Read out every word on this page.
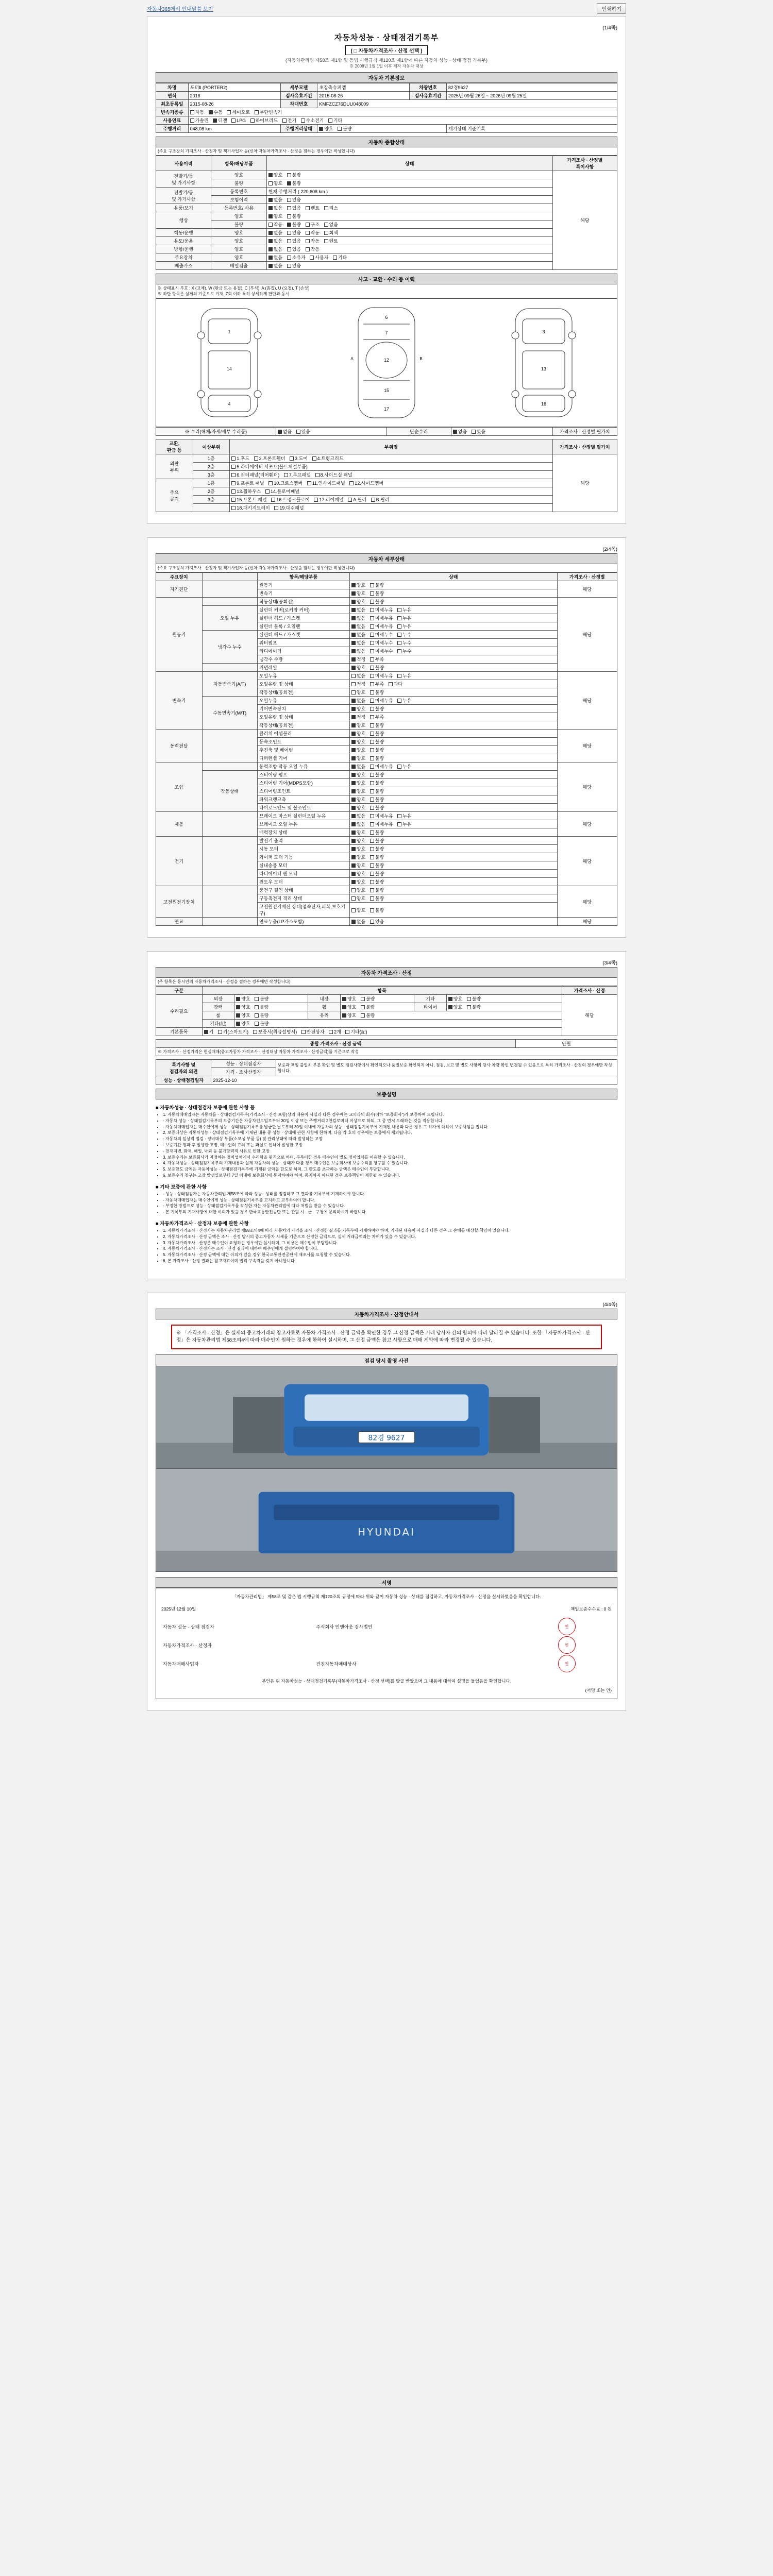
자동차365에서 안내말씀 보기	인쇄하기
(1/4쪽)
자동차성능 · 상태점검기록부
( □ 자동차가격조사 · 산정 선택 )
(자동차관리법 제58조 제1항 및 동법 시행규칙 제120조 제1항에 따른 자동차 성능 · 상태 점검 기록부)
※ 2008년 1월 1일 이후 제작 자동차 대상
자동차 기본정보
차명	포터Ⅱ (PORTER2)	세부모델	초장축슈퍼캡	차량번호	82경9627
연식	2016	검사유효기간	2015-08-26	검사유효기간	2025년 09월 26일 ~ 2026년 09월 25일
최초등록일	2015-08-26	차대번호	KMFZCZ76DUU048009		
변속기종류	자동 수동 세미오토 무단변속기				
사용연료	가솔린 디젤 LPG 하이브리드 전기 수소전기 기타				
주행거리	048,08 km	주행거리상태	양호 불량		계기상태 기준기록
자동차 종합상태
(주요 구조장치 가져조사 · 산정자 및 책기사업자 등(신차 자동차가격조사 · 산정을 점하는 경우에만 작성합니다)
사용이력	항목/해당부품	상태	가격조사 · 산정별
특이사항
전발기/등
및 가기사항	양호	양호 불량	해당
	불량	양호 불량	
전발기/등
및 가기사항	등록번호	현재 주행거리 ( 220,608 km )	
	보험이력	없음 있음	
용품/보기	등록번호/ 사용	없음 있음 렌트 리스	
행상	양호	양호 불량	
	불량	작동 불량 구조 없음	
핵동/운행	양호	없음 있음 작동 회색	
용도/운용	양호	없음 있음 작동 렌트	
방향/운행	양호	없음 있음 작동	
주요장치	양호	없음 소유자 사용자 기타	
배출가스	배열검출	없음 있음	
사고 · 교환 · 수리 등 이력
※ 상태표시 부호 : X (교체), W (판금 또는 용접), C (부식), A (흠집), U (요철), T (손상)
※ 하단 항목은 실제의 기준으로 기재, 7회 이하 특히 상세하게 판단과 동시
1
14
4
6
7
12
15
17
A	B
3
13
16
※ 수리(해체/자세/세부 수리등)	없음 있음	단순수리	없음 있음	가격조사 · 산정별 필가치
교환,
판금 등	이상부위	부위명	가격조사 · 산정별 필가치
외판
부위	1층	1.후드 2.프론트휀더 3.도어 4.트렁크리드	해당
	2층	5.라디에이터 서포트(볼트체결부품)	
	3층	6.쿼터패널(리어휀더) 7.루프패널 8.사이드실 패널	
주요
골격	1층	9.프론트 패널 10.크로스멤버 11.인사이드패널 12.사이드멤버	
	2층	13.휠하우스 14.플로어패널	
	3층	15.프론트 패널 16.트렁크플로어 17.리어패널 A.필러 B.필러	
		18.패키지트레이 19.대쉬패널	
(2/4쪽)
자동차 세부상태
(주요 구조장치 가져조사 · 산정자 및 책기사업자 등(신차 자동차가격조사 · 산정을 점하는 경우에만 작성합니다)
주요장치		항목/해당부품	상태	가격조사 · 산정별
자기진단		원동기	양호 불량	해당
		변속기	양호 불량	
원동기		작동상태(공회전)	양호 불량	해당
	오일 누유	실린더 커버(로커암 커버)	없음 미세누유 누유	
		실린더 헤드 / 가스켓	없음 미세누유 누유	
		실린더 블록 / 오일팬	없음 미세누유 누유	
	냉각수 누수	실린더 헤드 / 가스켓	없음 미세누수 누수	
		워터펌프	없음 미세누수 누수	
		라디에이터	없음 미세누수 누수	
		냉각수 수량	적정 부족	
		커먼레일	양호 불량	
변속기	자동변속기(A/T)	오일누유	없음 미세누유 누유	해당
		오일유량 및 상태	적정 부족 과다	
		작동상태(공회전)	양호 불량	
	수동변속기(M/T)	오일누유	없음 미세누유 누유	
		기어변속장치	양호 불량	
		오일유량 및 상태	적정 부족	
		작동상태(공회전)	양호 불량	
동력전달		클러치 어셈블리	양호 불량	해당
		등속조인트	양호 불량	
		추진축 및 베어링	양호 불량	
		디퍼렌셜 기어	양호 불량	
조향		동력조향 작동 오일 누유	없음 미세누유 누유	해당
	작동상태	스티어링 펌프	양호 불량	
		스티어링 기어(MDPS포함)	양호 불량	
		스티어링조인트	양호 불량	
		파워크랭크축	양호 불량	
		타이로드엔드 및 볼조인트	양호 불량	
제동		브레이크 마스터 실린더오일 누유	없음 미세누유 누유	해당
		브레이크 오일 누유	없음 미세누유 누유	
		배력장치 상태	양호 불량	
전기		발전기 출력	양호 불량	해당
		시동 모터	양호 불량	
		와이퍼 모터 기능	양호 불량	
		실내송풍 모터	양호 불량	
		라디에이터 팬 모터	양호 불량	
		윈도우 모터	양호 불량	
고전원전기장치		충전구 절연 상태	양호 불량	해당
		구동축전지 격리 상태	양호 불량	
		고전원전기배선 상태(접속단자,피복,보호기구)	양호 불량	
연료		연료누출(LP가스포함)	없음 있음	해당
(3/4쪽)
자동차 가격조사 · 산정
(주 항목은 동시인의 자동차가격조사 · 산정을 점하는 경우에만 작성합니다)
구분	항목						가격조사 · 산정
수리필요	외장	양호 불량	내장	양호 불량	기타	양호 불량	해당
	광택	양호 불량	휠	양호 불량	타이어	양호 불량	
	룸	양호 불량	유리	양호 불량			
	기타(記)	양호 불량					
기본품목	키 키(스마트키) 보증서(취급설명서) 안전상자 2개 기타(記)						
종합 가격조사 · 산정 금액	만원
※ 가격조사 · 산정가격은 현실매매(중고자동차 가격조사 · 산정대상 자동차 가격조사 · 산정금액)를 기준으로 작성
특기사항 및
점검자의 의견	성능 · 상태점검자	보증과 책임 불일치 부분 확인 및 별도 점검사항에서 확인되오나 품질보증 확인되지 아니, 점검, 보고 및 별도 사항의 당사 차량 확인 변경될 수 있음으로 특히 가격조사 · 산정의 경우에만 작성합니다.
	가격 · 조사산정자	
성능 · 상태점검일자	2025-12-10	
보증설명
■ 자동차성능 · 상태점검자 보증에 관한 사항 등
• 1. 자동차매매업자는 자동차를 · 상태점검기록부(가격조사 · 산정 포함)상의 내용이 사실과 다른 경우에는 교의과의 회사(이하 "보증회사")가 보증하여 드립니다.
• - 자동차 성능 · 상태점검기록부의 보증기간은 자동차인도일로부터 30일 이상 또는 주행거리 2천킬로미터 이상으로 하되, 그 중 먼저 도래하는 것을 적용합니다.
• - 자동차매매업자는 매수인에게 성능 · 상태점검기록부를 발급한 날로부터 30일 이내에 자동차의 성능 · 상태점검기록부에 기재된 내용과 다른 경우 그 하자에 대하여 보증책임을 집니다.
• 2. 보증대상은 자동차성능 · 상태점검기록부에 기재된 내용 중 성능 · 상태에 관한 사항에 한하며, 다음 각 호의 경우에는 보증에서 제외됩니다.
• - 자동차의 일상적 점검 · 정비대상 부품(소모성 부품 등) 및 관리상태에 따라 발생하는 고장
• - 보증기간 경과 후 발생한 고장, 매수인의 고의 또는 과실로 인하여 발생한 고장
• - 천재지변, 화재, 해일, 낙뢰 등 불가항력적 사유로 인한 고장
• 3. 보증수리는 보증회사가 지정하는 정비업체에서 수리함을 원칙으로 하며, 부득이한 경우 매수인이 별도 정비업체를 이용할 수 있습니다.
• 4. 자동차성능 · 상태점검기록부의 기재내용과 실제 자동차의 성능 · 상태가 다를 경우 매수인은 보증회사에 보증수리를 청구할 수 있습니다.
• 5. 보증한도 금액은 자동차성능 · 상태점검기록부에 기재된 금액을 한도로 하며, 그 한도를 초과하는 금액은 매수인이 부담합니다.
• 6. 보증수리 청구는 고장 발생일로부터 7일 이내에 보증회사에 통지하여야 하며, 통지하지 아니한 경우 보증책임이 제한될 수 있습니다.
■ 기타 보증에 관한 사항
• - 성능 · 상태점검자는 자동차관리법 제58조에 따라 성능 · 상태를 점검하고 그 결과를 기록부에 기재하여야 합니다.
• - 자동차매매업자는 매수인에게 성능 · 상태점검기록부를 고지하고 교부하여야 합니다.
• - 부정한 방법으로 성능 · 상태점검기록부를 작성한 자는 자동차관리법에 따라 처벌을 받을 수 있습니다.
• - 본 기록부의 기재사항에 대한 이의가 있을 경우 한국교통안전공단 또는 관할 시 · 군 · 구청에 문의하시기 바랍니다.
■ 자동차가격조사 · 산정자 보증에 관한 사항
• 1. 자동차가격조사 · 산정자는 자동차관리법 제58조의4에 따라 자동차의 가격을 조사 · 산정한 결과를 기록부에 기재하여야 하며, 기재된 내용이 사실과 다른 경우 그 손해를 배상할 책임이 있습니다.
• 2. 자동차가격조사 · 산정 금액은 조사 · 산정 당시의 중고자동차 시세를 기준으로 산정한 금액으로, 실제 거래금액과는 차이가 있을 수 있습니다.
• 3. 자동차가격조사 · 산정은 매수인이 요청하는 경우에만 실시하며, 그 비용은 매수인이 부담합니다.
• 4. 자동차가격조사 · 산정자는 조사 · 산정 결과에 대하여 매수인에게 설명하여야 합니다.
• 5. 자동차가격조사 · 산정 금액에 대한 이의가 있을 경우 한국교통안전공단에 재조사를 요청할 수 있습니다.
• 6. 본 가격조사 · 산정 결과는 참고자료이며 법적 구속력을 갖지 아니합니다.
(4/4쪽)
자동차가격조사 · 산정안내서
※ 「가격조사 · 산정」은 실제의 중고차거래의 참고자료로 자동차 가격조사 · 산정 금액을 확인한 경우 그 산정 금액은 거래 당사자 간의 합의에 따라 달라질 수 있습니다. 또한 「자동차가격조사 · 산정」은 자동차관리법 제58조의4에 따라 매수인이 원하는 경우에 한하여 실시하며, 그 산정 금액은 참고 사항으로 매매 계약에 따라 변경될 수 있습니다.
점검 당시 촬영 사진
82경 9627
HYUNDAI
서명
「자동차관리법」 제58조 및 같은 법 시행규칙 제120조의 규정에 따라 위와 같이 자동차 성능 · 상태를 점검하고, 자동차가격조사 · 산정을 실시하였음을 확인합니다.
2025년 12월 10일	책임보증수수료 : 0 원
자동차 성능 · 상태 점검자	주식회사 인앤아웃 검사법인	인
자동차가격조사 · 산정자		인
자동차매매사업자	건진자동차매매상사	인
본인은 위 자동차성능 · 상태점검기록부(자동차가격조사 · 산정 선택)를 발급 받았으며 그 내용에 대하여 설명을 들었음을 확인합니다.
(서명 또는 인)
